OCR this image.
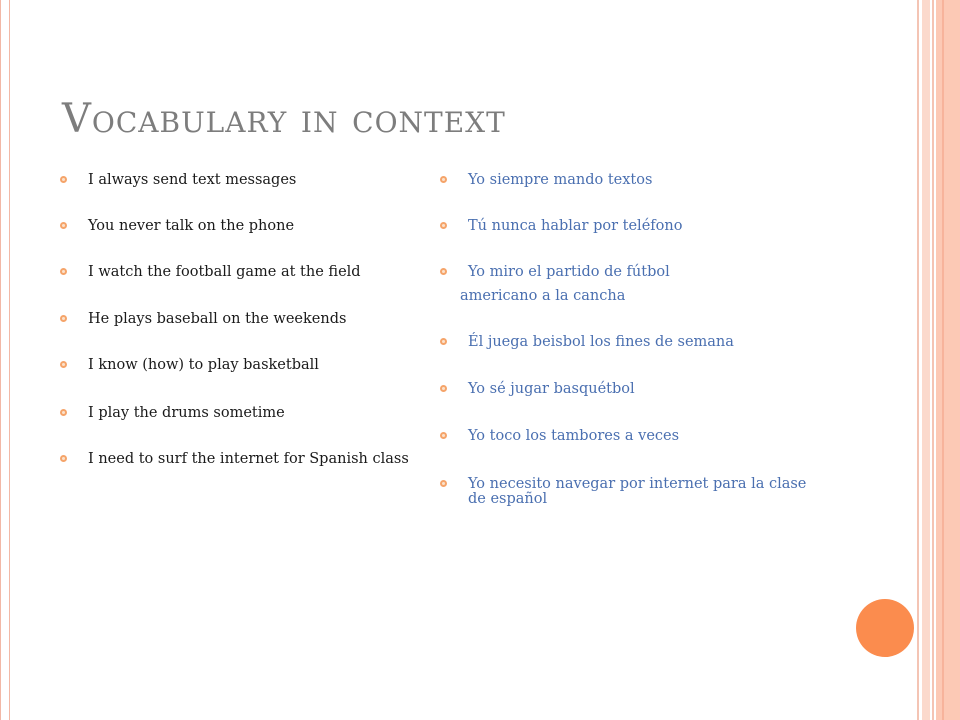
Vocabulary in context
I always send text messages
You never talk on the phone
I watch the football game at the field
He plays baseball on the weekends
I know (how) to play basketball
I play the drums sometime
I need to surf the internet for Spanish class
Yo siempre mando textos
Tú nunca hablar por teléfono
Yo miro el partido de fútbol
Él juega beisbol los fines de semana
Yo sé jugar basquétbol
Yo toco los tambores a veces
Yo necesito navegar por internet para la clase
americano a la cancha
de español
